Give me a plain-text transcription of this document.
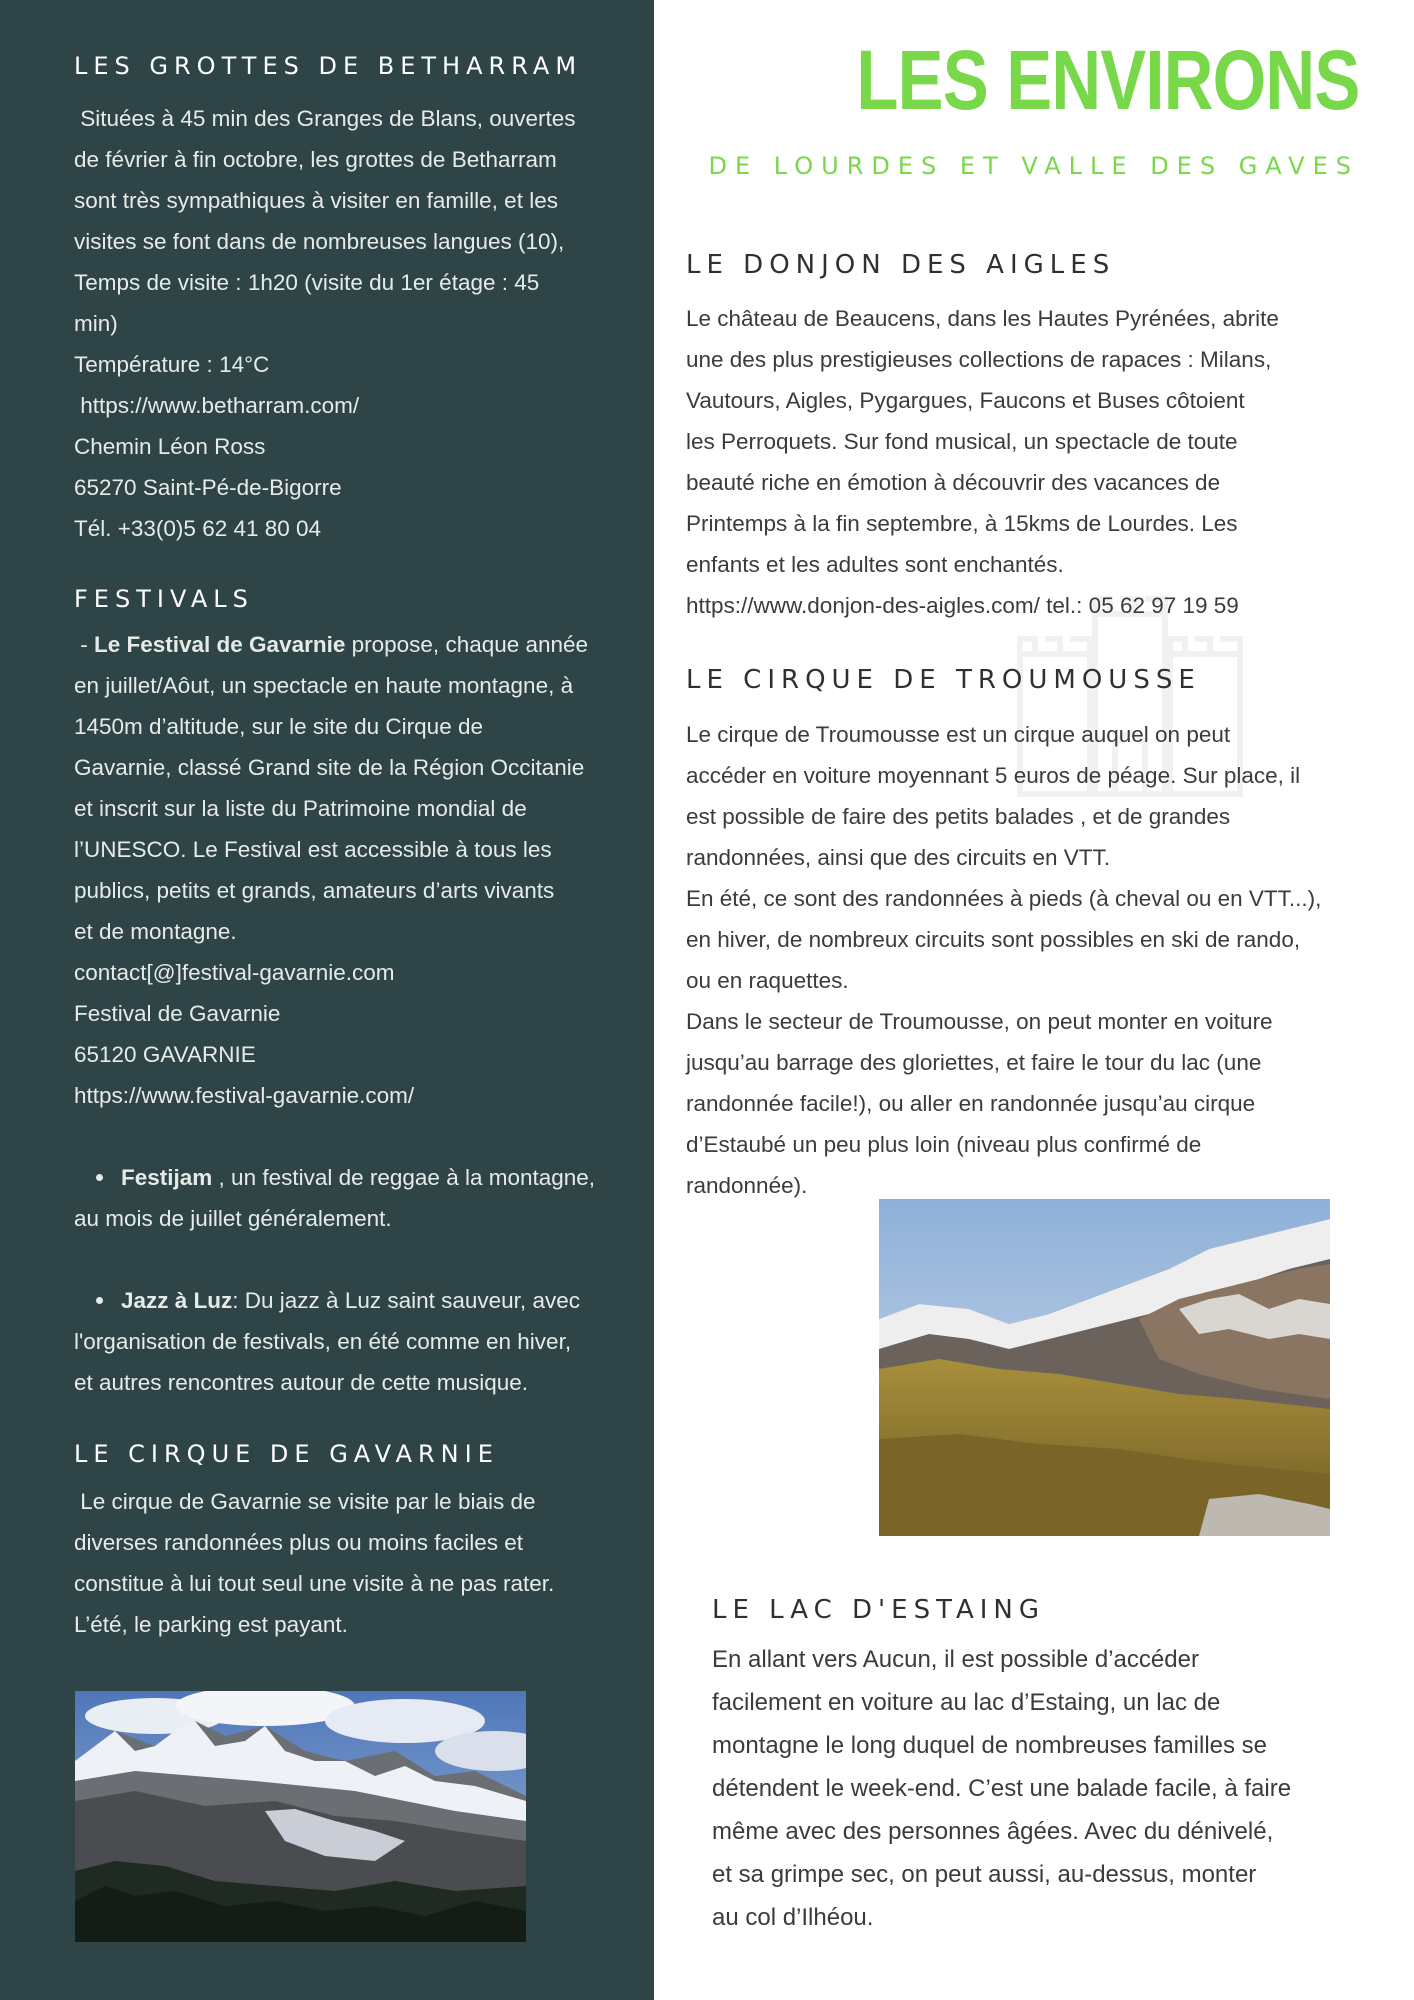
LES GROTTES DE BETHARRAM

Situées à 45 min des Granges de Blans, ouvertes

de février à fin octobre, les grottes de Betharram

sont très sympathiques à visiter en famille, et les

visites se font dans de nombreuses langues (10),

Temps de visite : 1h20 (visite du 1er étage : 45

min)

Température : 14°C

https://www.betharram.com/

Chemin Léon Ross

65270 Saint-Pé-de-Bigorre

Tél. +33(0)5 62 41 80 04

FESTIVALS

- Le Festival de Gavarnie propose, chaque année

en juillet/Aôut, un spectacle en haute montagne, à

1450m d’altitude, sur le site du Cirque de

Gavarnie, classé Grand site de la Région Occitanie

et inscrit sur la liste du Patrimoine mondial de

l’UNESCO. Le Festival est accessible à tous les

publics, petits et grands, amateurs d’arts vivants

et de montagne.

contact[@]festival-gavarnie.com

Festival de Gavarnie

65120 GAVARNIE

https://www.festival-gavarnie.com/

Festijam , un festival de reggae à la montagne,

au mois de juillet généralement.

Jazz à Luz: Du jazz à Luz saint sauveur, avec

l'organisation de festivals, en été comme en hiver,

et autres rencontres autour de cette musique.

LE CIRQUE DE GAVARNIE

Le cirque de Gavarnie se visite par le biais de

diverses randonnées plus ou moins faciles et

constitue à lui tout seul une visite à ne pas rater.

L’été, le parking est payant.

LES ENVIRONS

DE LOURDES ET VALLE DES GAVES

LE DONJON DES AIGLES

Le château de Beaucens, dans les Hautes Pyrénées, abrite

une des plus prestigieuses collections de rapaces : Milans,

Vautours, Aigles, Pygargues, Faucons et Buses côtoient

les Perroquets. Sur fond musical, un spectacle de toute

beauté riche en émotion à découvrir des vacances de

Printemps à la fin septembre, à 15kms de Lourdes. Les

enfants et les adultes sont enchantés.

https://www.donjon-des-aigles.com/ tel.: 05 62 97 19 59

LE CIRQUE DE TROUMOUSSE

Le cirque de Troumousse est un cirque auquel on peut

accéder en voiture moyennant 5 euros de péage. Sur place, il

est possible de faire des petits balades , et de grandes

randonnées, ainsi que des circuits en VTT.

En été, ce sont des randonnées à pieds (à cheval ou en VTT...),

en hiver, de nombreux circuits sont possibles en ski de rando,

ou en raquettes.

Dans le secteur de Troumousse, on peut monter en voiture

jusqu’au barrage des gloriettes, et faire le tour du lac (une

randonnée facile!), ou aller en randonnée jusqu’au cirque

d’Estaubé un peu plus loin (niveau plus confirmé de

randonnée).

LE LAC D'ESTAING

En allant vers Aucun, il est possible d’accéder

facilement en voiture au lac d’Estaing, un lac de

montagne le long duquel de nombreuses familles se

détendent le week-end. C’est une balade facile, à faire

même avec des personnes âgées. Avec du dénivelé,

et sa grimpe sec, on peut aussi, au-dessus, monter

au col d’Ilhéou.
